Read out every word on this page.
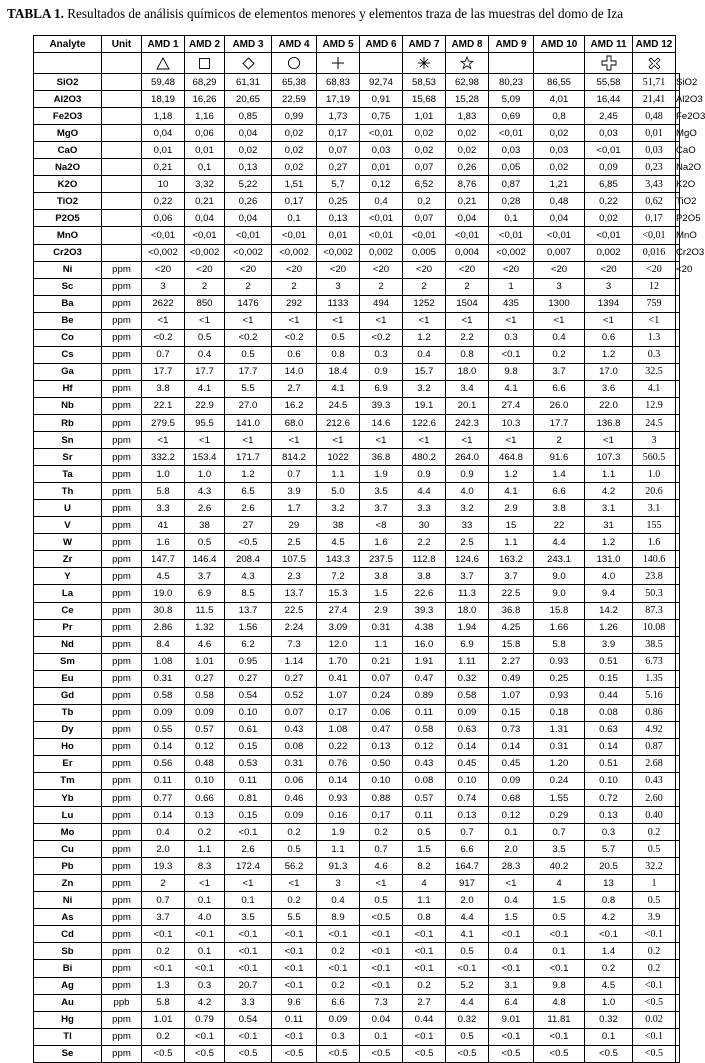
TABLA 1. Resultados de análisis químicos de elementos menores y elementos traza de las muestras del domo de Iza
Analyte	Unit	AMD 1	AMD 2	AMD 3	AMD 4	AMD 5	AMD 6	AMD 7	AMD 8	AMD 9	AMD 10	AMD 11	AMD 12	

SiO2		59,48	68,29	61,31	65,38	68,83	92,74	58,53	62,98	80,23	86,55	55,58	51,71	SiO2
Al2O3		18,19	16,26	20,65	22,59	17,19	0,91	15,68	15,28	5,09	4,01	16,44	21,41	Al2O3
Fe2O3		1,18	1,16	0,85	0,99	1,73	0,75	1,01	1,83	0,69	0,8	2,45	0,48	Fe2O3
MgO		0,04	0,06	0,04	0,02	0,17	<0,01	0,02	0,02	<0,01	0,02	0,03	0,01	MgO
CaO		0,01	0,01	0,02	0,02	0,07	0,03	0,02	0,02	0,03	0,03	<0,01	0,03	CaO
Na2O		0,21	0,1	0,13	0,02	0,27	0,01	0,07	0,26	0,05	0,02	0,09	0,23	Na2O
K2O		10	3,32	5,22	1,51	5,7	0,12	6,52	8,76	0,87	1,21	6,85	3,43	K2O
TiO2		0,22	0,21	0,26	0,17	0,25	0,4	0,2	0,21	0,28	0,48	0,22	0,62	TiO2
P2O5		0,06	0,04	0,04	0,1	0,13	<0,01	0,07	0,04	0,1	0,04	0,02	0,17	P2O5
MnO		<0,01	<0,01	<0,01	<0,01	0,01	<0,01	<0,01	<0,01	<0,01	<0,01	<0,01	<0,01	MnO
Cr2O3		<0,002	<0,002	<0,002	<0,002	<0,002	0,002	0,005	0,004	<0,002	0,007	0,002	0,016	Cr2O3
Ni	ppm	<20	<20	<20	<20	<20	<20	<20	<20	<20	<20	<20	<20	<20
Sc	ppm	3	2	2	2	3	2	2	2	1	3	3	12	
Ba	ppm	2622	850	1476	292	1133	494	1252	1504	435	1300	1394	759	
Be	ppm	<1	<1	<1	<1	<1	<1	<1	<1	<1	<1	<1	<1	
Co	ppm	<0.2	0.5	<0.2	<0.2	0.5	<0.2	1.2	2.2	0.3	0.4	0.6	1.3	
Cs	ppm	0.7	0.4	0.5	0.6	0.8	0.3	0.4	0.8	<0.1	0.2	1.2	0.3	
Ga	ppm	17.7	17.7	17.7	14.0	18.4	0.9	15.7	18.0	9.8	3.7	17.0	32.5	
Hf	ppm	3.8	4.1	5.5	2.7	4.1	6.9	3.2	3.4	4.1	6.6	3.6	4.1	
Nb	ppm	22.1	22.9	27.0	16.2	24.5	39.3	19.1	20.1	27.4	26.0	22.0	12.9	
Rb	ppm	279.5	95.5	141.0	68.0	212.6	14.6	122.6	242.3	10.3	17.7	136.8	24.5	
Sn	ppm	<1	<1	<1	<1	<1	<1	<1	<1	<1	2	<1	3	
Sr	ppm	332.2	153.4	171.7	814.2	1022	36.8	480.2	264.0	464.8	91.6	107.3	560.5	
Ta	ppm	1.0	1.0	1.2	0.7	1.1	1.9	0.9	0.9	1.2	1.4	1.1	1.0	
Th	ppm	5.8	4.3	6.5	3.9	5.0	3.5	4.4	4.0	4.1	6.6	4.2	20.6	
U	ppm	3.3	2.6	2.6	1.7	3.2	3.7	3.3	3.2	2.9	3.8	3.1	3.1	
V	ppm	41	38	27	29	38	<8	30	33	15	22	31	155	
W	ppm	1.6	0.5	<0.5	2.5	4.5	1.6	2.2	2.5	1.1	4.4	1.2	1.6	
Zr	ppm	147.7	146.4	208.4	107.5	143.3	237.5	112.8	124.6	163.2	243.1	131.0	140.6	
Y	ppm	4.5	3.7	4.3	2.3	7.2	3.8	3.8	3.7	3.7	9.0	4.0	23.8	
La	ppm	19.0	6.9	8.5	13.7	15.3	1.5	22.6	11.3	22.5	9.0	9.4	50.3	
Ce	ppm	30.8	11.5	13.7	22.5	27.4	2.9	39.3	18.0	36.8	15.8	14.2	87.3	
Pr	ppm	2.86	1.32	1.56	2.24	3.09	0.31	4.38	1.94	4.25	1.66	1.26	10.08	
Nd	ppm	8.4	4.6	6.2	7.3	12.0	1.1	16.0	6.9	15.8	5.8	3.9	38.5	
Sm	ppm	1.08	1.01	0.95	1.14	1.70	0.21	1.91	1.11	2.27	0.93	0.51	6.73	
Eu	ppm	0.31	0.27	0.27	0.27	0.41	0.07	0.47	0.32	0.49	0.25	0.15	1.35	
Gd	ppm	0.58	0.58	0.54	0.52	1.07	0.24	0.89	0.58	1.07	0.93	0.44	5.16	
Tb	ppm	0.09	0.09	0.10	0.07	0.17	0.06	0.11	0.09	0.15	0.18	0.08	0.86	
Dy	ppm	0.55	0.57	0.61	0.43	1.08	0.47	0.58	0.63	0.73	1.31	0.63	4.92	
Ho	ppm	0.14	0.12	0.15	0.08	0.22	0.13	0.12	0.14	0.14	0.31	0.14	0.87	
Er	ppm	0.56	0.48	0.53	0.31	0.76	0.50	0.43	0.45	0.45	1.20	0.51	2.68	
Tm	ppm	0.11	0.10	0.11	0.06	0.14	0.10	0.08	0.10	0.09	0.24	0.10	0.43	
Yb	ppm	0.77	0.66	0.81	0.46	0.93	0.88	0.57	0.74	0.68	1.55	0.72	2.60	
Lu	ppm	0.14	0.13	0.15	0.09	0.16	0.17	0.11	0.13	0.12	0.29	0.13	0.40	
Mo	ppm	0.4	0.2	<0.1	0.2	1.9	0.2	0.5	0.7	0.1	0.7	0.3	0.2	
Cu	ppm	2.0	1.1	2.6	0.5	1.1	0.7	1.5	6.6	2.0	3.5	5.7	0.5	
Pb	ppm	19.3	8.3	172.4	56.2	91.3	4.6	8.2	164.7	28.3	40.2	20.5	32.2	
Zn	ppm	2	<1	<1	<1	3	<1	4	917	<1	4	13	1	
Ni	ppm	0.7	0.1	0.1	0.2	0.4	0.5	1.1	2.0	0.4	1.5	0.8	0.5	
As	ppm	3.7	4.0	3.5	5.5	8.9	<0.5	0.8	4.4	1.5	0.5	4.2	3.9	
Cd	ppm	<0.1	<0.1	<0.1	<0.1	<0.1	<0.1	<0.1	4.1	<0.1	<0.1	<0.1	<0.1	
Sb	ppm	0.2	0.1	<0.1	<0.1	0.2	<0.1	<0.1	0.5	0.4	0.1	1.4	0.2	
Bi	ppm	<0.1	<0.1	<0.1	<0.1	<0.1	<0.1	<0.1	<0.1	<0.1	<0.1	0.2	0.2	
Ag	ppm	1.3	0.3	20.7	<0.1	0.2	<0.1	0.2	5.2	3.1	9.8	4.5	<0.1	
Au	ppb	5.8	4.2	3.3	9.6	6.6	7.3	2.7	4.4	6.4	4.8	1.0	<0.5	
Hg	ppm	1.01	0.79	0.54	0.11	0.09	0.04	0.44	0.32	9.01	11.81	0.32	0.02	
Tl	ppm	0.2	<0.1	<0.1	<0.1	0.3	0.1	<0.1	0.5	<0.1	<0.1	0.1	<0.1	
Se	ppm	<0.5	<0.5	<0.5	<0.5	<0.5	<0.5	<0.5	<0.5	<0.5	<0.5	<0.5	<0.5	
